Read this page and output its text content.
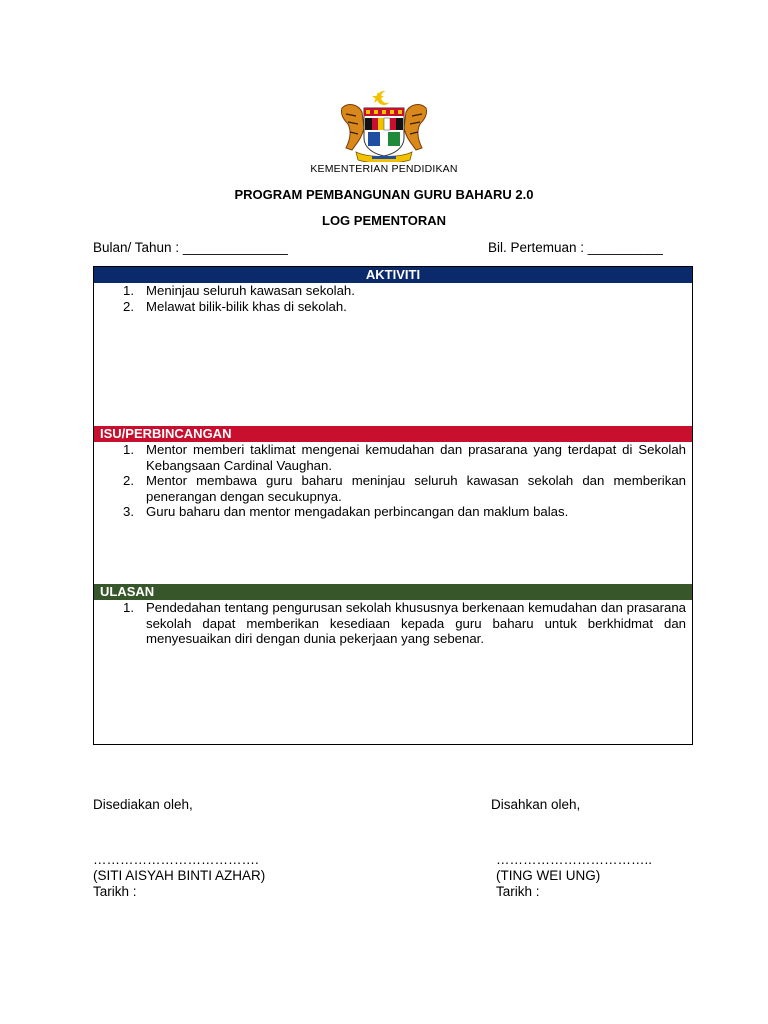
KEMENTERIAN PENDIDIKAN
PROGRAM PEMBANGUNAN GURU BAHARU 2.0
LOG PEMENTORAN
Bulan/ Tahun : ______________	Bil. Pertemuan : __________
AKTIVITI
1. Meninjau seluruh kawasan sekolah.
2. Melawat bilik-bilik khas di sekolah.
ISU/PERBINCANGAN
1. Mentor memberi taklimat mengenai kemudahan dan prasarana yang terdapat di Sekolah Kebangsaan Cardinal Vaughan.
2. Mentor membawa guru baharu meninjau seluruh kawasan sekolah dan memberikan penerangan dengan secukupnya.
3. Guru baharu dan mentor mengadakan perbincangan dan maklum balas.
ULASAN
1. Pendedahan tentang pengurusan sekolah khususnya berkenaan kemudahan dan prasarana sekolah dapat memberikan kesediaan kepada guru baharu untuk berkhidmat dan menyesuaikan diri dengan dunia pekerjaan yang sebenar.
Disediakan oleh,	Disahkan oleh,
……………………………….	……………………………..
(SITI AISYAH BINTI AZHAR)	(TING WEI UNG)
Tarikh :	Tarikh :
